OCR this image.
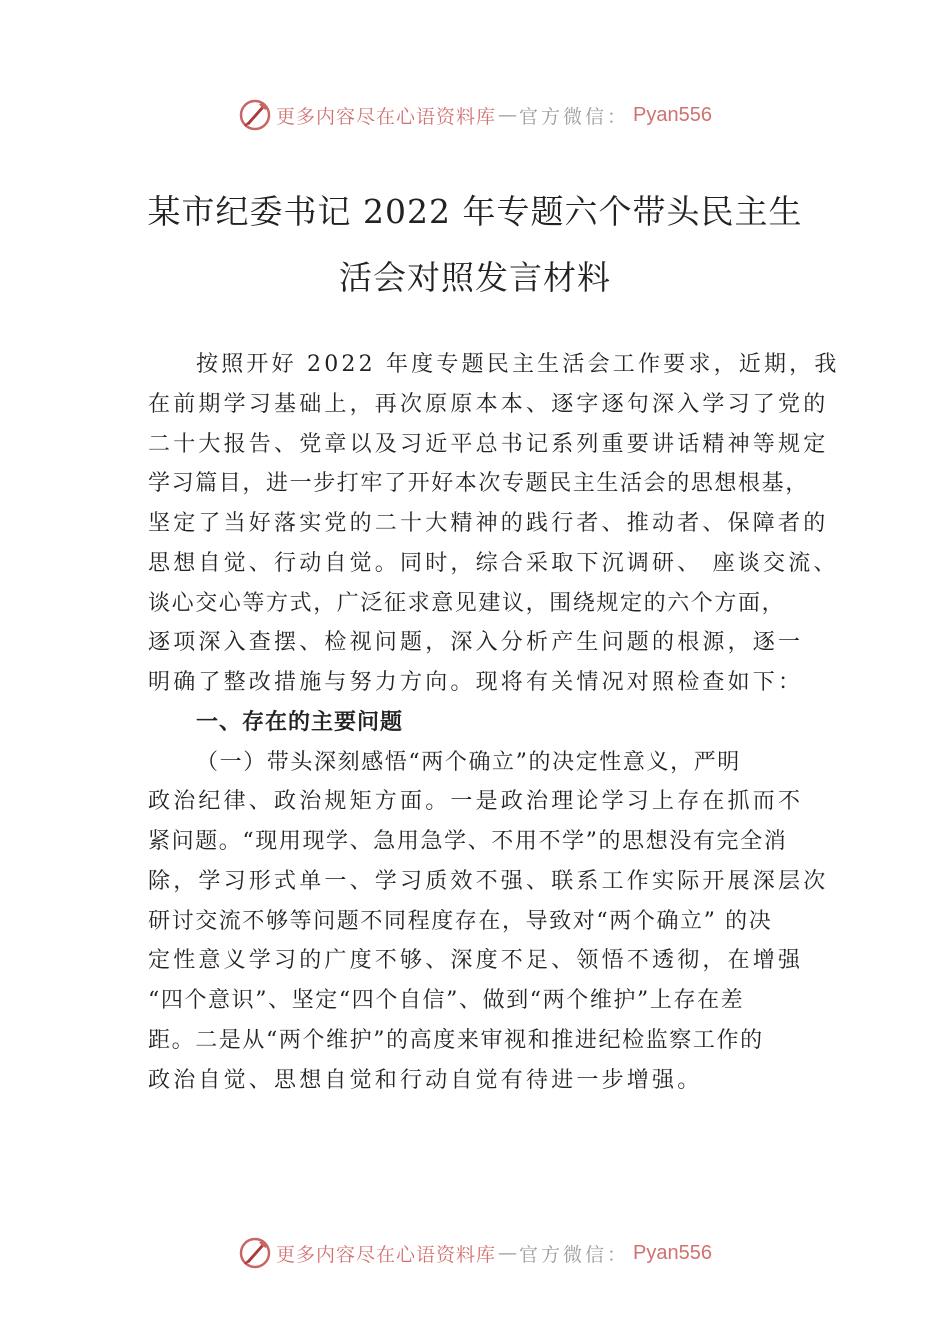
更多内容尽在心语资料库 — 官方微信： Pyan556
某市纪委书记 2022 年专题六个带头民主生
活会对照发言材料
按照开好 2022 年度专题民主生活会工作要求，近期，我
在前期学习基础上，再次原原本本、逐字逐句深入学习了党的
二十大报告、党章以及习近平总书记系列重要讲话精神等规定
学习篇目，进一步打牢了开好本次专题民主生活会的思想根基，
坚定了当好落实党的二十大精神的践行者、推动者、保障者的
思想自觉、行动自觉。同时，综合采取下沉调研、 座谈交流、
谈心交心等方式，广泛征求意见建议，围绕规定的六个方面，
逐项深入查摆、检视问题，深入分析产生问题的根源，逐一
明确了整改措施与努力方向。现将有关情况对照检查如下：
一、存在的主要问题
（一）带头深刻感悟“两个确立”的决定性意义，严明
政治纪律、政治规矩方面。一是政治理论学习上存在抓而不
紧问题。“现用现学、急用急学、不用不学”的思想没有完全消
除，学习形式单一、学习质效不强、联系工作实际开展深层次
研讨交流不够等问题不同程度存在，导致对“两个确立” 的决
定性意义学习的广度不够、深度不足、领悟不透彻，在增强
“四个意识”、坚定“四个自信”、做到“两个维护”上存在差
距。二是从“两个维护”的高度来审视和推进纪检监察工作的
政治自觉、思想自觉和行动自觉有待进一步增强。
更多内容尽在心语资料库 — 官方微信： Pyan556
